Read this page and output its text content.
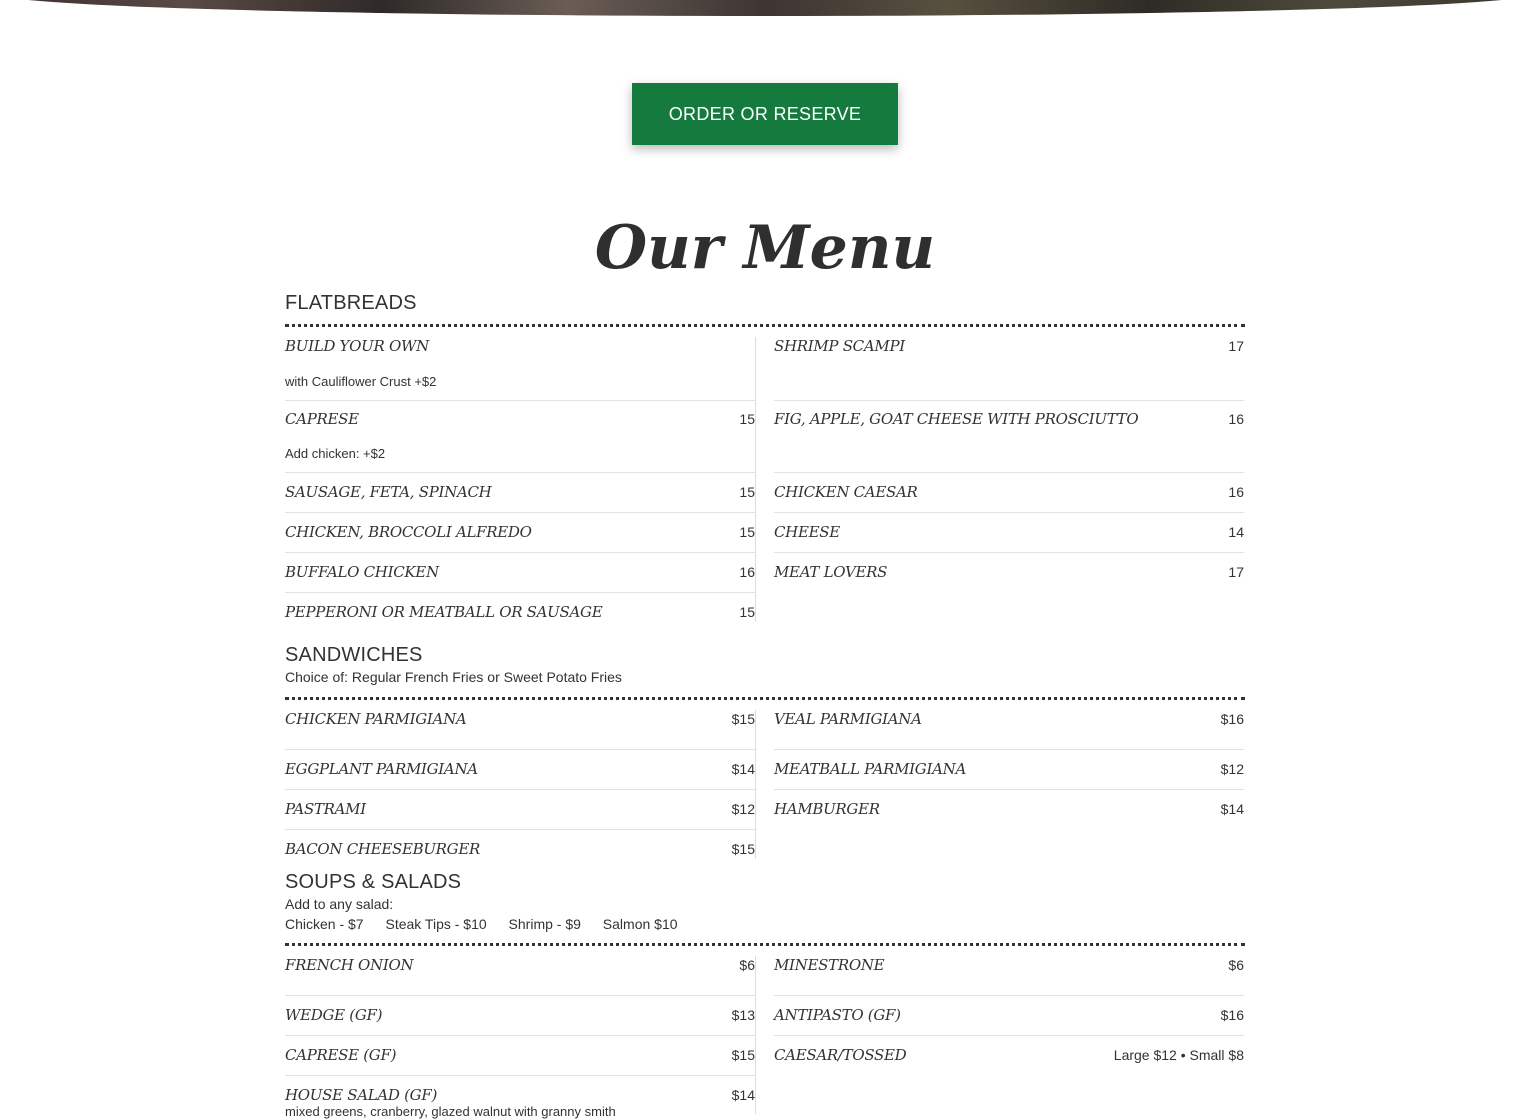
ORDER OR RESERVE
Our Menu
FLATBREADS
BUILD YOUR OWN
with Cauliflower Crust +$2
CAPRESE	15
Add chicken: +$2
SAUSAGE, FETA, SPINACH	15
CHICKEN, BROCCOLI ALFREDO	15
BUFFALO CHICKEN	16
PEPPERONI OR MEATBALL OR SAUSAGE	15
SHRIMP SCAMPI	17
FIG, APPLE, GOAT CHEESE WITH PROSCIUTTO	16
CHICKEN CAESAR	16
CHEESE	14
MEAT LOVERS	17
SANDWICHES
Choice of: Regular French Fries or Sweet Potato Fries
CHICKEN PARMIGIANA	$15
EGGPLANT PARMIGIANA	$14
PASTRAMI	$12
BACON CHEESEBURGER	$15
VEAL PARMIGIANA	$16
MEATBALL PARMIGIANA	$12
HAMBURGER	$14
SOUPS & SALADS
Add to any salad:
Chicken - $7 Steak Tips - $10 Shrimp - $9 Salmon $10
FRENCH ONION	$6
WEDGE (GF)	$13
CAPRESE (GF)	$15
HOUSE SALAD (GF)	$14
mixed greens, cranberry, glazed walnut with granny smith
MINESTRONE	$6
ANTIPASTO (GF)	$16
CAESAR/TOSSED	Large $12 • Small $8
